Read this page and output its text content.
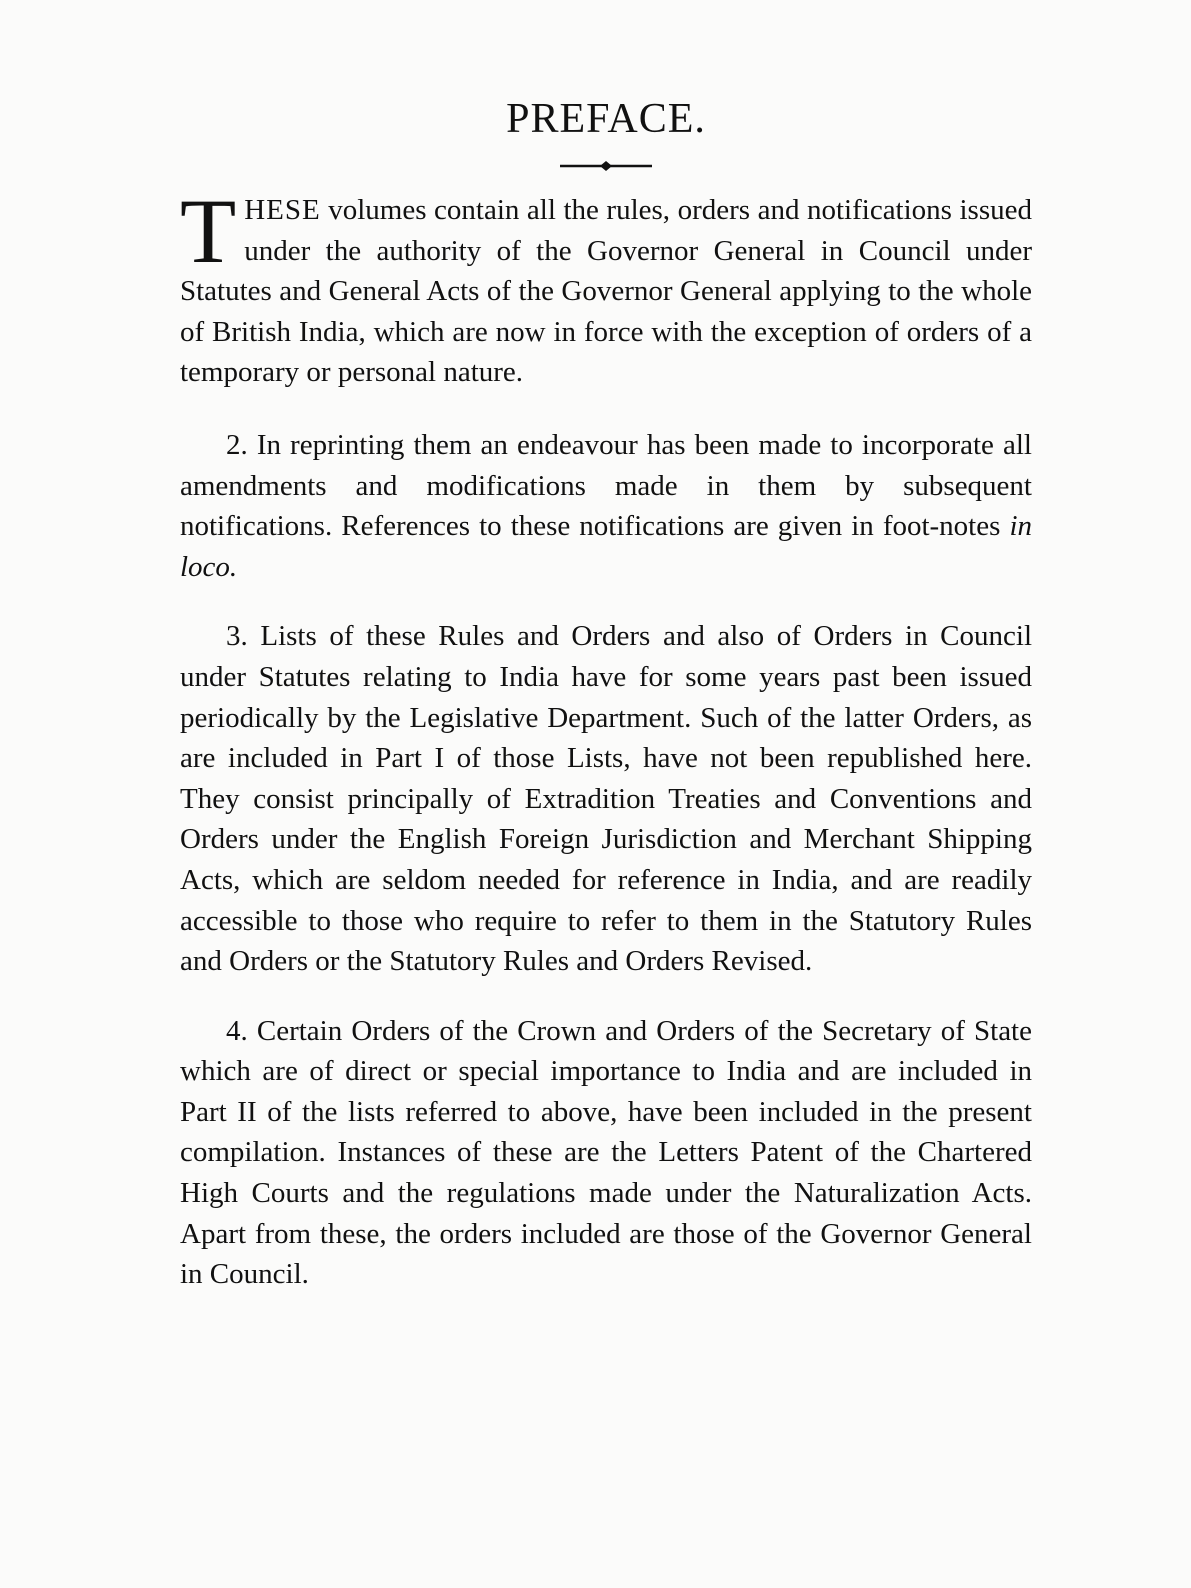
PREFACE.

THESE volumes contain all the rules, orders and notifications issued under the authority of the Governor General in Council under Statutes and General Acts of the Governor General applying to the whole of British India, which are now in force with the exception of orders of a temporary or personal nature.

2. In reprinting them an endeavour has been made to incorporate all amendments and modifications made in them by subsequent notifications. References to these notifications are given in foot-notes in loco.

3. Lists of these Rules and Orders and also of Orders in Council under Statutes relating to India have for some years past been issued periodically by the Legislative Department. Such of the latter Orders, as are included in Part I of those Lists, have not been republished here. They consist principally of Extradition Treaties and Conventions and Orders under the English Foreign Jurisdiction and Merchant Shipping Acts, which are seldom needed for reference in India, and are readily accessible to those who require to refer to them in the Statutory Rules and Orders or the Statutory Rules and Orders Revised.

4. Certain Orders of the Crown and Orders of the Secretary of State which are of direct or special importance to India and are included in Part II of the lists referred to above, have been included in the present compilation. Instances of these are the Letters Patent of the Chartered High Courts and the regulations made under the Naturalization Acts. Apart from these, the orders included are those of the Governor General in Council.
